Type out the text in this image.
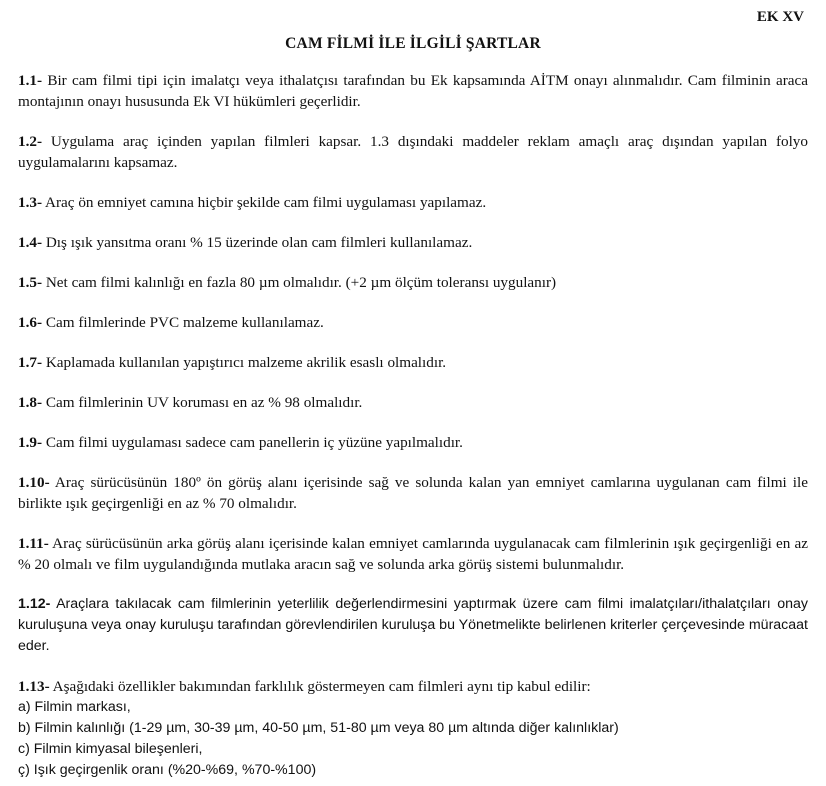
EK XV
CAM FİLMİ İLE İLGİLİ ŞARTLAR

1.1- Bir cam filmi tipi için imalatçı veya ithalatçısı tarafından bu Ek kapsamında AİTM onayı alınmalıdır. Cam filminin araca montajının onayı hususunda Ek VI hükümleri geçerlidir.

1.2- Uygulama araç içinden yapılan filmleri kapsar. 1.3 dışındaki maddeler reklam amaçlı araç dışından yapılan folyo uygulamalarını kapsamaz.

1.3- Araç ön emniyet camına hiçbir şekilde cam filmi uygulaması yapılamaz.

1.4- Dış ışık yansıtma oranı % 15 üzerinde olan cam filmleri kullanılamaz.

1.5- Net cam filmi kalınlığı en fazla 80 µm olmalıdır. (+2 µm ölçüm toleransı uygulanır)

1.6- Cam filmlerinde PVC malzeme kullanılamaz.

1.7- Kaplamada kullanılan yapıştırıcı malzeme akrilik esaslı olmalıdır.

1.8- Cam filmlerinin UV koruması en az % 98 olmalıdır.

1.9- Cam filmi uygulaması sadece cam panellerin iç yüzüne yapılmalıdır.

1.10- Araç sürücüsünün 180º ön görüş alanı içerisinde sağ ve solunda kalan yan emniyet camlarına uygulanan cam filmi ile birlikte ışık geçirgenliği en az % 70 olmalıdır.

1.11- Araç sürücüsünün arka görüş alanı içerisinde kalan emniyet camlarında uygulanacak cam filmlerinin ışık geçirgenliği en az % 20 olmalı ve film uygulandığında mutlaka aracın sağ ve solunda arka görüş sistemi bulunmalıdır.

1.12- Araçlara takılacak cam filmlerinin yeterlilik değerlendirmesini yaptırmak üzere cam filmi imalatçıları/ithalatçıları onay kuruluşuna veya onay kuruluşu tarafından görevlendirilen kuruluşa bu Yönetmelikte belirlenen kriterler çerçevesinde müracaat eder.

1.13- Aşağıdaki özellikler bakımından farklılık göstermeyen cam filmleri aynı tip kabul edilir:

a) Filmin markası,

b) Filmin kalınlığı (1-29 µm, 30-39 µm, 40-50 µm, 51-80 µm veya 80 µm altında diğer kalınlıklar)

c) Filmin kimyasal bileşenleri,

ç) Işık geçirgenlik oranı (%20-%69, %70-%100)
